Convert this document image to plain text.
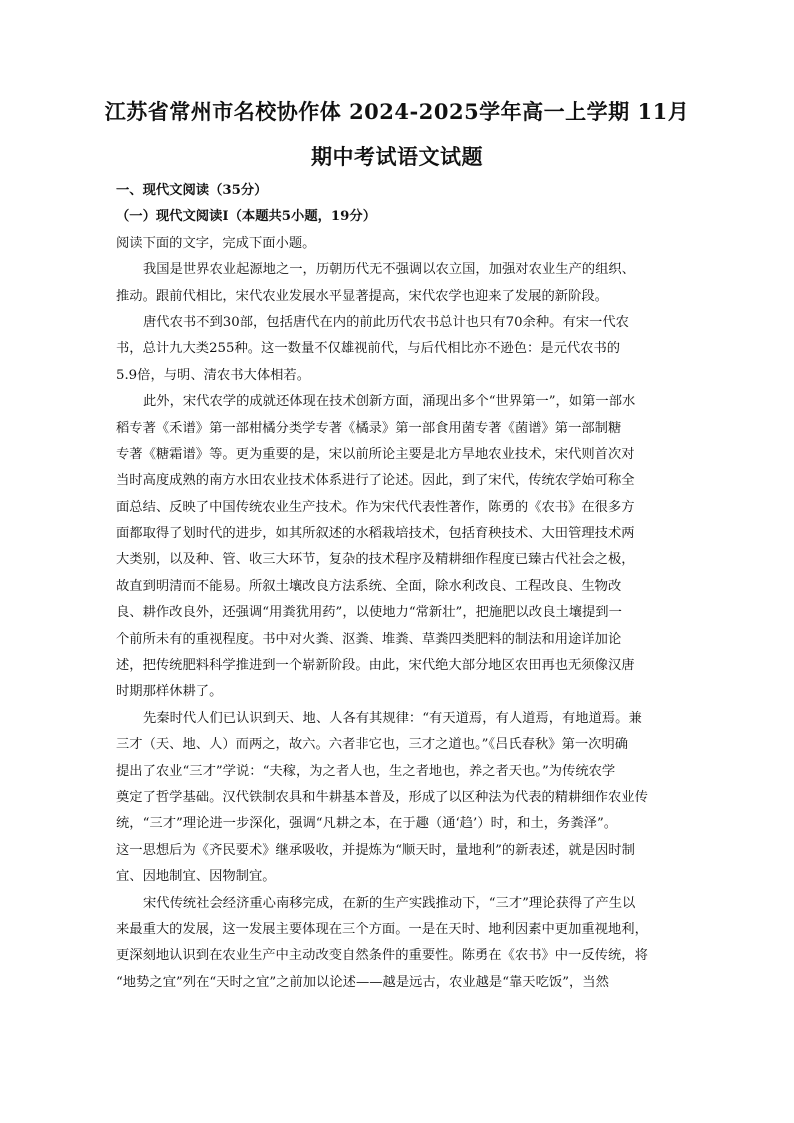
江苏省常州市名校协作体 2024-2025学年高一上学期 11月
期中考试语文试题
一、现代文阅读（35分）
（一）现代文阅读I（本题共5小题，19分）
阅读下面的文字，完成下面小题。
我国是世界农业起源地之一，历朝历代无不强调以农立国，加强对农业生产的组织、
推动。跟前代相比，宋代农业发展水平显著提高，宋代农学也迎来了发展的新阶段。
唐代农书不到30部，包括唐代在内的前此历代农书总计也只有70余种。有宋一代农
书，总计九大类255种。这一数量不仅雄视前代，与后代相比亦不逊色：是元代农书的
5.9倍，与明、清农书大体相若。
此外，宋代农学的成就还体现在技术创新方面，涌现出多个“世界第一”，如第一部水
稻专著《禾谱》第一部柑橘分类学专著《橘录》第一部食用菌专著《菌谱》第一部制糖
专著《糖霜谱》等。更为重要的是，宋以前所论主要是北方旱地农业技术，宋代则首次对
当时高度成熟的南方水田农业技术体系进行了论述。因此，到了宋代，传统农学始可称全
面总结、反映了中国传统农业生产技术。作为宋代代表性著作，陈勇的《农书》在很多方
面都取得了划时代的进步，如其所叙述的水稻栽培技术，包括育秧技术、大田管理技术两
大类别，以及种、管、收三大环节，复杂的技术程序及精耕细作程度已臻古代社会之极，
故直到明清而不能易。所叙土壤改良方法系统、全面，除水利改良、工程改良、生物改
良、耕作改良外，还强调“用粪犹用药”，以使地力“常新壮”，把施肥以改良土壤提到一
个前所未有的重视程度。书中对火粪、沤粪、堆粪、草粪四类肥料的制法和用途详加论
述，把传统肥料科学推进到一个崭新阶段。由此，宋代绝大部分地区农田再也无须像汉唐
时期那样休耕了。
先秦时代人们已认识到天、地、人各有其规律：“有天道焉，有人道焉，有地道焉。兼
三才（天、地、人）而两之，故六。六者非它也，三才之道也。”《吕氏春秋》第一次明确
提出了农业“三才”学说：“夫稼，为之者人也，生之者地也，养之者天也。”为传统农学
奠定了哲学基础。汉代铁制农具和牛耕基本普及，形成了以区种法为代表的精耕细作农业传
统，“三才”理论进一步深化，强调“凡耕之本，在于趣（通‘趋’）时，和土，务粪泽”。
这一思想后为《齐民要术》继承吸收，并提炼为“顺天时，量地利”的新表述，就是因时制
宜、因地制宜、因物制宜。
宋代传统社会经济重心南移完成，在新的生产实践推动下，“三才”理论获得了产生以
来最重大的发展，这一发展主要体现在三个方面。一是在天时、地利因素中更加重视地利，
更深刻地认识到在农业生产中主动改变自然条件的重要性。陈勇在《农书》中一反传统，将
“地势之宜”列在“天时之宜”之前加以论述——越是远古，农业越是“靠天吃饭”，当然
